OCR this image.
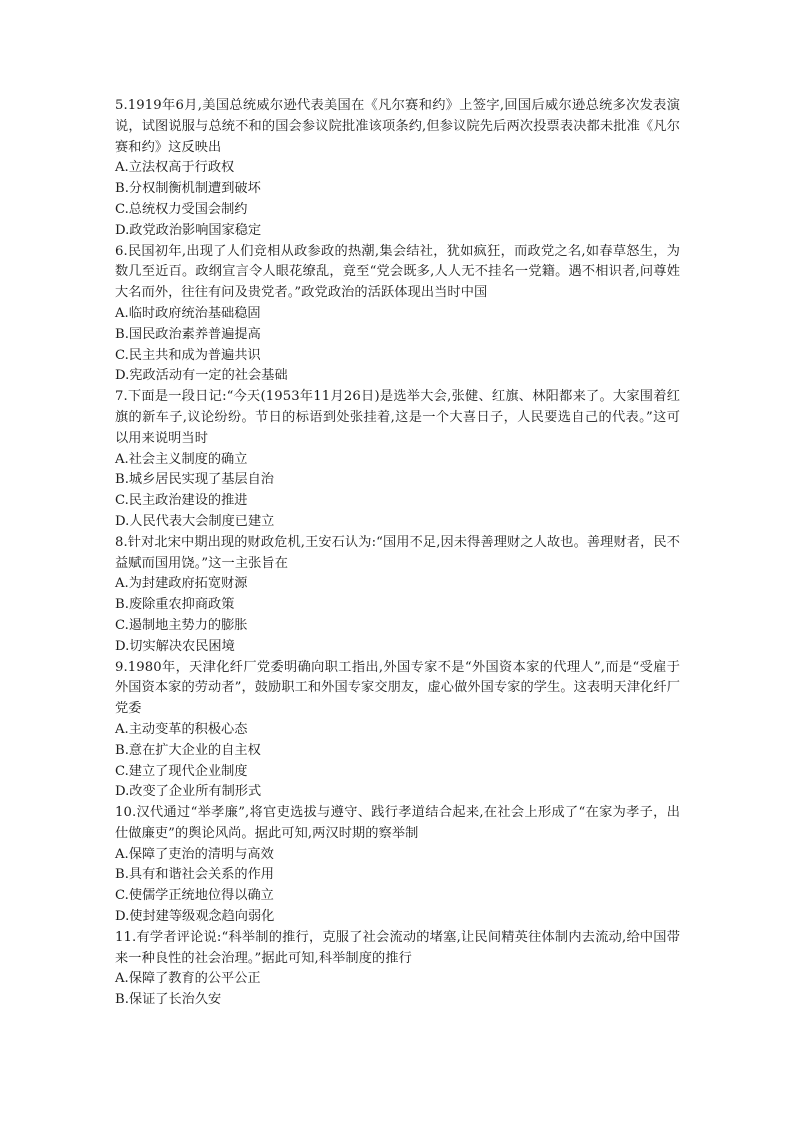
5.1919年6月,美国总统威尔逊代表美国在《凡尔赛和约》上签字,回国后威尔逊总统多次发表演说，试图说服与总统不和的国会参议院批准该项条约,但参议院先后两次投票表决都未批准《凡尔赛和约》这反映出

A.立法权高于行政权

B.分权制衡机制遭到破坏

C.总统权力受国会制约

D.政党政治影响国家稳定

6.民国初年,出现了人们竞相从政参政的热潮,集会结社，犹如疯狂，而政党之名,如春草怒生，为数几至近百。政纲宣言令人眼花缭乱，竟至“党会既多,人人无不挂名一党籍。遇不相识者,问尊姓大名而外，往往有问及贵党者。”政党政治的活跃体现出当时中国

A.临时政府统治基础稳固

B.国民政治素养普遍提高

C.民主共和成为普遍共识

D.宪政活动有一定的社会基础

7.下面是一段日记:“今天(1953年11月26日)是选举大会,张健、红旗、林阳都来了。大家围着红旗的新车子,议论纷纷。节日的标语到处张挂着,这是一个大喜日子，人民要选自己的代表。”这可以用来说明当时

A.社会主义制度的确立

B.城乡居民实现了基层自治

C.民主政治建设的推进

D.人民代表大会制度已建立

8.针对北宋中期出现的财政危机,王安石认为:“国用不足,因未得善理财之人故也。善理财者，民不益赋而国用饶。”这一主张旨在

A.为封建政府拓宽财源

B.废除重农抑商政策

C.遏制地主势力的膨胀

D.切实解决农民困境

9.1980年，天津化纤厂党委明确向职工指出,外国专家不是“外国资本家的代理人”,而是“受雇于外国资本家的劳动者”，鼓励职工和外国专家交朋友，虚心做外国专家的学生。这表明天津化纤厂党委

A.主动变革的积极心态

B.意在扩大企业的自主权

C.建立了现代企业制度

D.改变了企业所有制形式

10.汉代通过“举孝廉”,将官吏选拔与遵守、践行孝道结合起来,在社会上形成了“在家为孝子，出仕做廉吏”的舆论风尚。据此可知,两汉时期的察举制

A.保障了吏治的清明与高效

B.具有和谐社会关系的作用

C.使儒学正统地位得以确立

D.使封建等级观念趋向弱化

11.有学者评论说:“科举制的推行，克服了社会流动的堵塞,让民间精英往体制内去流动,给中国带来一种良性的社会治理。”据此可知,科举制度的推行

A.保障了教育的公平公正

B.保证了长治久安
